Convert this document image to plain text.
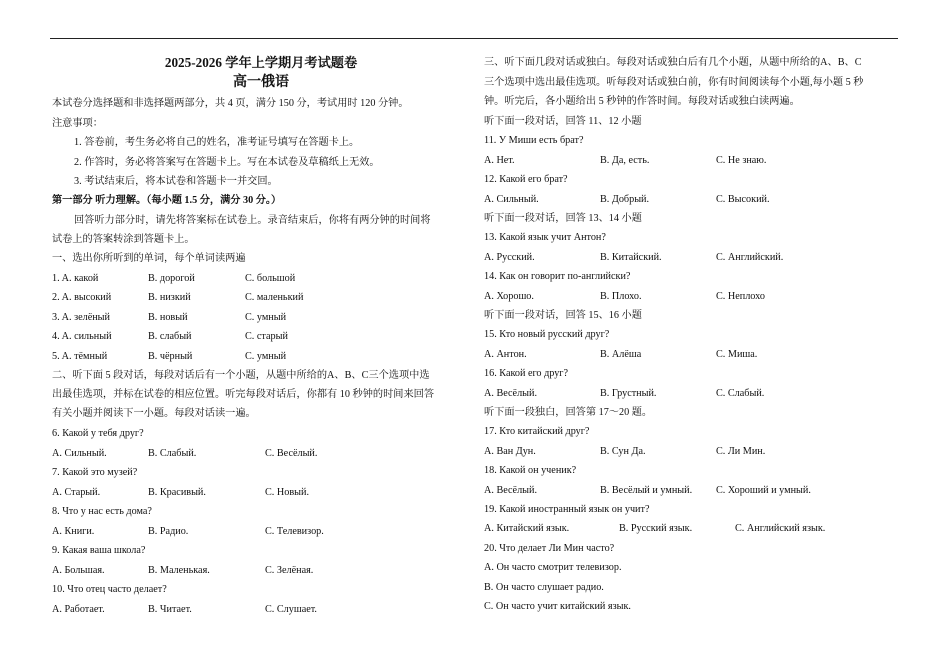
2025-2026 学年上学期月考试题卷
高一俄语
本试卷分选择题和非选择题两部分，共 4 页，满分 150 分，考试用时 120 分钟。
注意事项：
1. 答卷前，考生务必将自己的姓名，准考证号填写在答题卡上。
2. 作答时，务必将答案写在答题卡上。写在本试卷及草稿纸上无效。
3. 考试结束后，将本试卷和答题卡一并交回。
第一部分 听力理解。（每小题 1.5 分，满分 30 分。）
回答听力部分时，请先将答案标在试卷上。录音结束后，你将有两分钟的时间将
试卷上的答案转涂到答题卡上。
一、选出你所听到的单词，每个单词读两遍
1. A. какой	B. дорогой	C. большой
2. A. высокий	B. низкий	C. маленький
3. A. зелёный	B. новый	C. умный
4. A. сильный	B. слабый	C. старый
5. A. тёмный	B. чёрный	C. умный
二、听下面 5 段对话，每段对话后有一个小题，从题中所给的A、B、C三个选项中选
出最佳选项，并标在试卷的相应位置。听完每段对话后，你都有 10 秒钟的时间来回答
有关小题并阅读下一小题。每段对话读一遍。
6. Какой у тебя друг?
A. Сильный.	B. Слабый.	C. Весёлый.
7. Какой это музей?
A. Старый.	B. Красивый.	C. Новый.
8. Что у нас есть дома?
A. Книги.	B. Радио.	C. Телевизор.
9. Какая ваша школа?
A. Большая.	B. Маленькая.	C. Зелёная.
10. Что отец часто делает?
A. Работает.	B. Читает.	C. Слушает.
三、听下面几段对话或独白。每段对话或独白后有几个小题，从题中所给的A、B、C
三个选项中选出最佳选项。听每段对话或独白前，你有时间阅读每个小题,每小题 5 秒
钟。听完后，各小题给出 5 秒钟的作答时间。每段对话或独白读两遍。
听下面一段对话，回答 11、12 小题
11. У Миши есть брат?
A. Нет.	B. Да, есть.	C. Не знаю.
12. Какой его брат?
A. Сильный.	B. Добрый.	C. Высокий.
听下面一段对话，回答 13、14 小题
13. Какой язык учит Антон?
A. Русский.	B. Китайский.	C. Английский.
14. Как он говорит по-английски?
A. Хорошо.	B. Плохо.	C. Неплохо
听下面一段对话，回答 15、16 小题
15. Кто новый русский друг?
A. Антон.	B. Алёша	C. Миша.
16. Какой его друг?
A. Весёлый.	B. Грустный.	C. Слабый.
听下面一段独白，回答第 17～20 题。
17. Кто китайский друг?
A. Ван Дун.	B. Сун Да.	C. Ли Мин.
18. Какой он ученик?
A. Весёлый.	B. Весёлый и умный. C. Хороший и умный.
19. Какой иностранный язык он учит?
A. Китайский язык.	B. Русский язык.	C. Английский язык.
20. Что делает Ли Мин часто?
A. Он часто смотрит телевизор.
B. Он часто слушает радио.
C. Он часто учит китайский язык.
